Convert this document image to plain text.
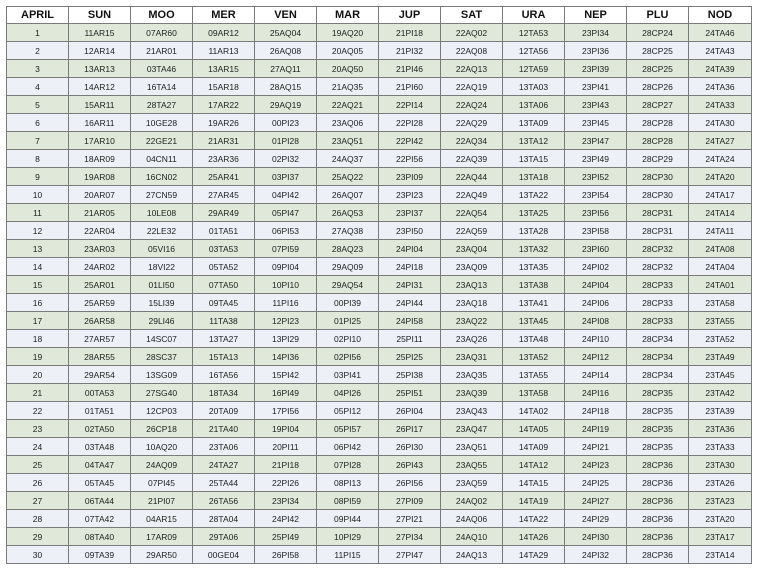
APRIL	SUN	MOO	MER	VEN	MAR	JUP	SAT	URA	NEP	PLU	NOD
1	11AR15	07AR60	09AR12	25AQ04	19AQ20	21PI18	22AQ02	12TA53	23PI34	28CP24	24TA46
2	12AR14	21AR01	11AR13	26AQ08	20AQ05	21PI32	22AQ08	12TA56	23PI36	28CP25	24TA43
3	13AR13	03TA46	13AR15	27AQ11	20AQ50	21PI46	22AQ13	12TA59	23PI39	28CP25	24TA39
4	14AR12	16TA14	15AR18	28AQ15	21AQ35	21PI60	22AQ19	13TA03	23PI41	28CP26	24TA36
5	15AR11	28TA27	17AR22	29AQ19	22AQ21	22PI14	22AQ24	13TA06	23PI43	28CP27	24TA33
6	16AR11	10GE28	19AR26	00PI23	23AQ06	22PI28	22AQ29	13TA09	23PI45	28CP28	24TA30
7	17AR10	22GE21	21AR31	01PI28	23AQ51	22PI42	22AQ34	13TA12	23PI47	28CP28	24TA27
8	18AR09	04CN11	23AR36	02PI32	24AQ37	22PI56	22AQ39	13TA15	23PI49	28CP29	24TA24
9	19AR08	16CN02	25AR41	03PI37	25AQ22	23PI09	22AQ44	13TA18	23PI52	28CP30	24TA20
10	20AR07	27CN59	27AR45	04PI42	26AQ07	23PI23	22AQ49	13TA22	23PI54	28CP30	24TA17
11	21AR05	10LE08	29AR49	05PI47	26AQ53	23PI37	22AQ54	13TA25	23PI56	28CP31	24TA14
12	22AR04	22LE32	01TA51	06PI53	27AQ38	23PI50	22AQ59	13TA28	23PI58	28CP31	24TA11
13	23AR03	05VI16	03TA53	07PI59	28AQ23	24PI04	23AQ04	13TA32	23PI60	28CP32	24TA08
14	24AR02	18VI22	05TA52	09PI04	29AQ09	24PI18	23AQ09	13TA35	24PI02	28CP32	24TA04
15	25AR01	01LI50	07TA50	10PI10	29AQ54	24PI31	23AQ13	13TA38	24PI04	28CP33	24TA01
16	25AR59	15LI39	09TA45	11PI16	00PI39	24PI44	23AQ18	13TA41	24PI06	28CP33	23TA58
17	26AR58	29LI46	11TA38	12PI23	01PI25	24PI58	23AQ22	13TA45	24PI08	28CP33	23TA55
18	27AR57	14SC07	13TA27	13PI29	02PI10	25PI11	23AQ26	13TA48	24PI10	28CP34	23TA52
19	28AR55	28SC37	15TA13	14PI36	02PI56	25PI25	23AQ31	13TA52	24PI12	28CP34	23TA49
20	29AR54	13SG09	16TA56	15PI42	03PI41	25PI38	23AQ35	13TA55	24PI14	28CP34	23TA45
21	00TA53	27SG40	18TA34	16PI49	04PI26	25PI51	23AQ39	13TA58	24PI16	28CP35	23TA42
22	01TA51	12CP03	20TA09	17PI56	05PI12	26PI04	23AQ43	14TA02	24PI18	28CP35	23TA39
23	02TA50	26CP18	21TA40	19PI04	05PI57	26PI17	23AQ47	14TA05	24PI19	28CP35	23TA36
24	03TA48	10AQ20	23TA06	20PI11	06PI42	26PI30	23AQ51	14TA09	24PI21	28CP35	23TA33
25	04TA47	24AQ09	24TA27	21PI18	07PI28	26PI43	23AQ55	14TA12	24PI23	28CP36	23TA30
26	05TA45	07PI45	25TA44	22PI26	08PI13	26PI56	23AQ59	14TA15	24PI25	28CP36	23TA26
27	06TA44	21PI07	26TA56	23PI34	08PI59	27PI09	24AQ02	14TA19	24PI27	28CP36	23TA23
28	07TA42	04AR15	28TA04	24PI42	09PI44	27PI21	24AQ06	14TA22	24PI29	28CP36	23TA20
29	08TA40	17AR09	29TA06	25PI49	10PI29	27PI34	24AQ10	14TA26	24PI30	28CP36	23TA17
30	09TA39	29AR50	00GE04	26PI58	11PI15	27PI47	24AQ13	14TA29	24PI32	28CP36	23TA14
